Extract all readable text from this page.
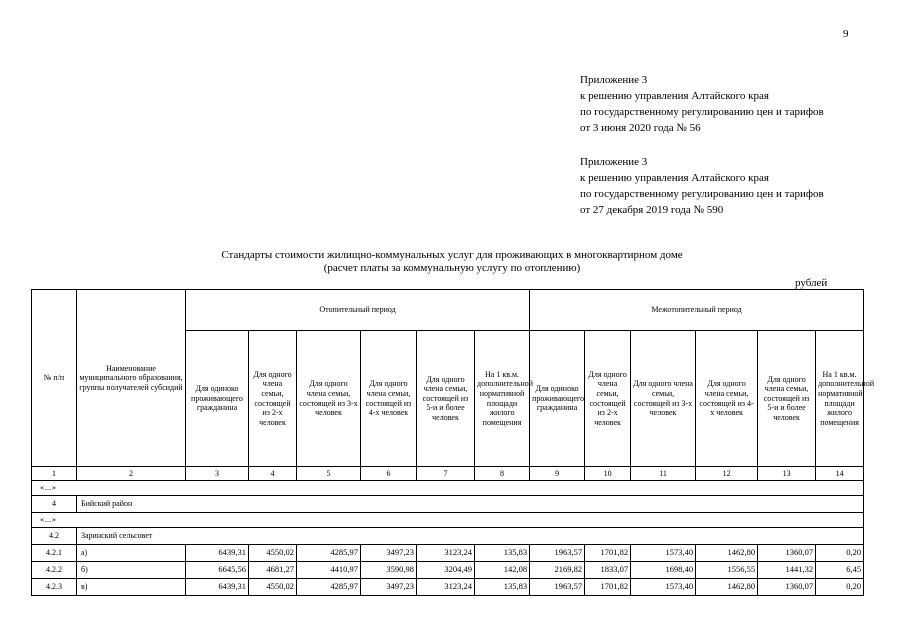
9
Приложение 3
к решению управления Алтайского края
по государственному регулированию цен и тарифов
от 3 июня 2020 года № 56
Приложение 3
к решению управления Алтайского края
по государственному регулированию цен и тарифов
от 27 декабря 2019 года № 590
Стандарты стоимости жилищно-коммунальных услуг для проживающих в многоквартирном доме
(расчет платы за коммунальную услугу по отоплению)
рублей
№ п/п	Наименование муниципального образования, группы получателей субсидий	Отопительный период						Межотопительный период					
		Для одиноко проживающего гражданина	Для одного члена семьи, состоящей из 2-х человек	Для одного члена семьи, состоящей из 3-х человек	Для одного члена семьи, состоящей из 4-х человек	Для одного члена семьи, состоящей из 5-и и более человек	На 1 кв.м. дополнительной нормативной площади жилого помещения	Для одиноко проживающего гражданина	Для одного члена семьи, состоящей из 2-х человек	Для одного члена семьи, состоящей из 3-х человек	Для одного члена семьи, состоящей из 4-х человек	Для одного члена семьи, состоящей из 5-и и более человек	На 1 кв.м. дополнительной нормативной площади жилого помещения
1	2	3	4	5	6	7	8	9	10	11	12	13	14
«…»													
4	Бийский район												
«…»													
4.2	Заринский сельсовет												
4.2.1	а)	6439,31	4550,02	4285,97	3497,23	3123,24	135,83	1963,57	1701,82	1573,40	1462,80	1360,07	0,20
4.2.2	б)	6645,56	4681,27	4410,97	3590,98	3204,49	142,08	2169,82	1833,07	1698,40	1556,55	1441,32	6,45
4.2.3	в)	6439,31	4550,02	4285,97	3497,23	3123,24	135,83	1963,57	1701,82	1573,40	1462,80	1360,07	0,20
